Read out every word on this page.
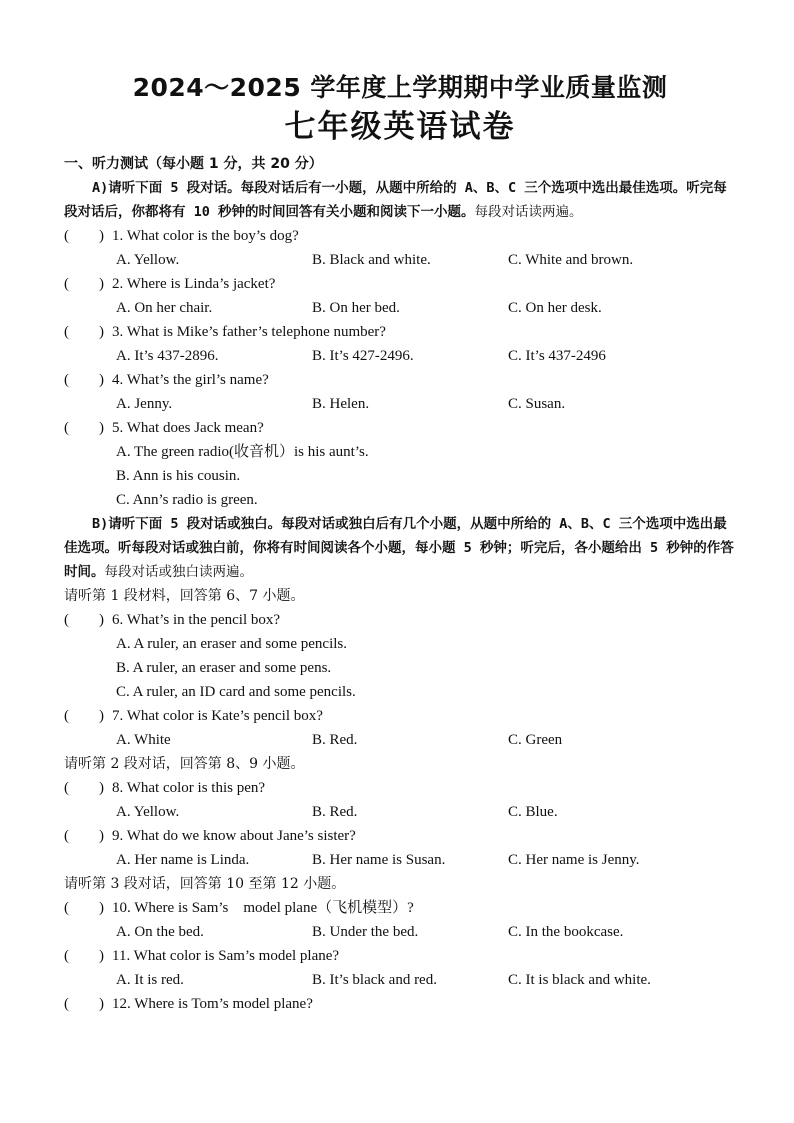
2024～2025 学年度上学期期中学业质量监测
七年级英语试卷
一、听力测试（每小题 1 分，共 20 分）
A)请听下面 5 段对话。每段对话后有一小题，从题中所给的 A、B、C 三个选项中选出最佳选项。听完每段对话后，你都将有 10 秒钟的时间回答有关小题和阅读下一小题。每段对话读两遍。
(　　) 1. What color is the boy’s dog?
A. Yellow.	B. Black and white.	C. White and brown.
(　　) 2. Where is Linda’s jacket?
A. On her chair.	B. On her bed.	C. On her desk.
(　　) 3. What is Mike’s father’s telephone number?
A. It’s 437-2896.	B. It’s 427-2496.	C. It’s 437-2496
(　　) 4. What’s the girl’s name?
A. Jenny.	B. Helen.	C. Susan.
(　　) 5. What does Jack mean?
A. The green radio(收音机）is his aunt’s.
B. Ann is his cousin.
C. Ann’s radio is green.
B)请听下面 5 段对话或独白。每段对话或独白后有几个小题，从题中所给的 A、B、C 三个选项中选出最佳选项。听每段对话或独白前，你将有时间阅读各个小题，每小题 5 秒钟；听完后，各小题给出 5 秒钟的作答时间。每段对话或独白读两遍。
请听第 1 段材料，回答第 6、7 小题。
(　　) 6. What’s in the pencil box?
A. A ruler, an eraser and some pencils.
B. A ruler, an eraser and some pens.
C. A ruler, an ID card and some pencils.
(　　) 7. What color is Kate’s pencil box?
A. White	B. Red.	C. Green
请听第 2 段对话，回答第 8、9 小题。
(　　) 8. What color is this pen?
A. Yellow.	B. Red.	C. Blue.
(　　) 9. What do we know about Jane’s sister?
A. Her name is Linda.	B. Her name is Susan.	C. Her name is Jenny.
请听第 3 段对话，回答第 10 至第 12 小题。
(　　) 10. Where is Sam’s　model plane（飞机模型）?
A. On the bed.	B. Under the bed.	C. In the bookcase.
(　　) 11. What color is Sam’s model plane?
A. It is red.	B. It’s black and red.	C. It is black and white.
(　　) 12. Where is Tom’s model plane?
